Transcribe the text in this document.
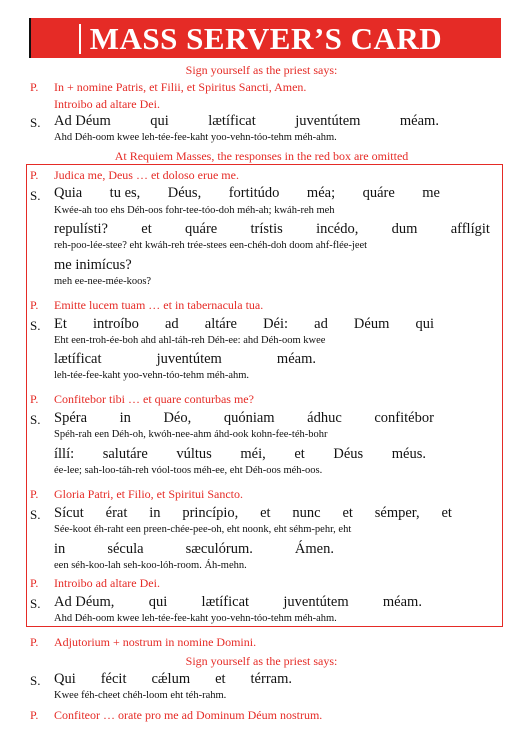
MASS SERVER’S CARD
Sign yourself as the priest says:
P. In + nomine Patris, et Filii, et Spiritus Sancti, Amen.
Introibo ad altare Dei.
S. Ad Déum	qui	lætíficat	juventútem	méam.
Ahd Déh-oom kwee leh-tée-fee-kaht yoo-vehn-tóo-tehm méh-ahm.
At Requiem Masses, the responses in the red box are omitted
P. Judica me, Deus … et doloso erue me.
S. Quia tu es, Déus, fortitúdo méa; quáre me
Kwée-ah too ehs Déh-oos fohr-tee-tóo-doh méh-ah; kwáh-reh meh
repulísti? et quáre trístis incédo, dum afflígit
reh-poo-lée-stee? eht kwáh-reh trée-stees een-chéh-doh doom ahf-flée-jeet
me inimícus?
meh ee-nee-mée-koos?
P. Emitte lucem tuam … et in tabernacula tua.
S. Et introíbo ad altáre Déi: ad Déum qui
Eht een-troh-ée-boh ahd ahl-táh-reh Déh-ee: ahd Déh-oom kwee
lætíficat	juventútem	méam.
leh-tée-fee-kaht yoo-vehn-tóo-tehm méh-ahm.
P. Confitebor tibi … et quare conturbas me?
S. Spéra in Déo, quóniam ádhuc confitébor
Spéh-rah een Déh-oh, kwóh-nee-ahm áhd-ook kohn-fee-téh-bohr
íllí: salutáre vúltus méi, et Déus méus.
ée-lee; sah-loo-táh-reh vóol-toos méh-ee, eht Déh-oos méh-oos.
P. Gloria Patri, et Filio, et Spiritui Sancto.
S. Sícut érat in princípio, et nunc et sémper, et
Sée-koot éh-raht een preen-chée-pee-oh, eht noonk, eht séhm-pehr, eht
in	sécula	sæculórum.	Ámen.
een séh-koo-lah seh-koo-lóh-room. Áh-mehn.
P. Introibo ad altare Dei.
S. Ad Déum, qui lætíficat juventútem méam.
Ahd Déh-oom kwee leh-tée-fee-kaht yoo-vehn-tóo-tehm méh-ahm.
P. Adjutorium + nostrum in nomine Domini.
Sign yourself as the priest says:
S. Qui fécit cǽlum et térram.
Kwee féh-cheet chéh-loom eht téh-rahm.
P. Confiteor … orate pro me ad Dominum Déum nostrum.
